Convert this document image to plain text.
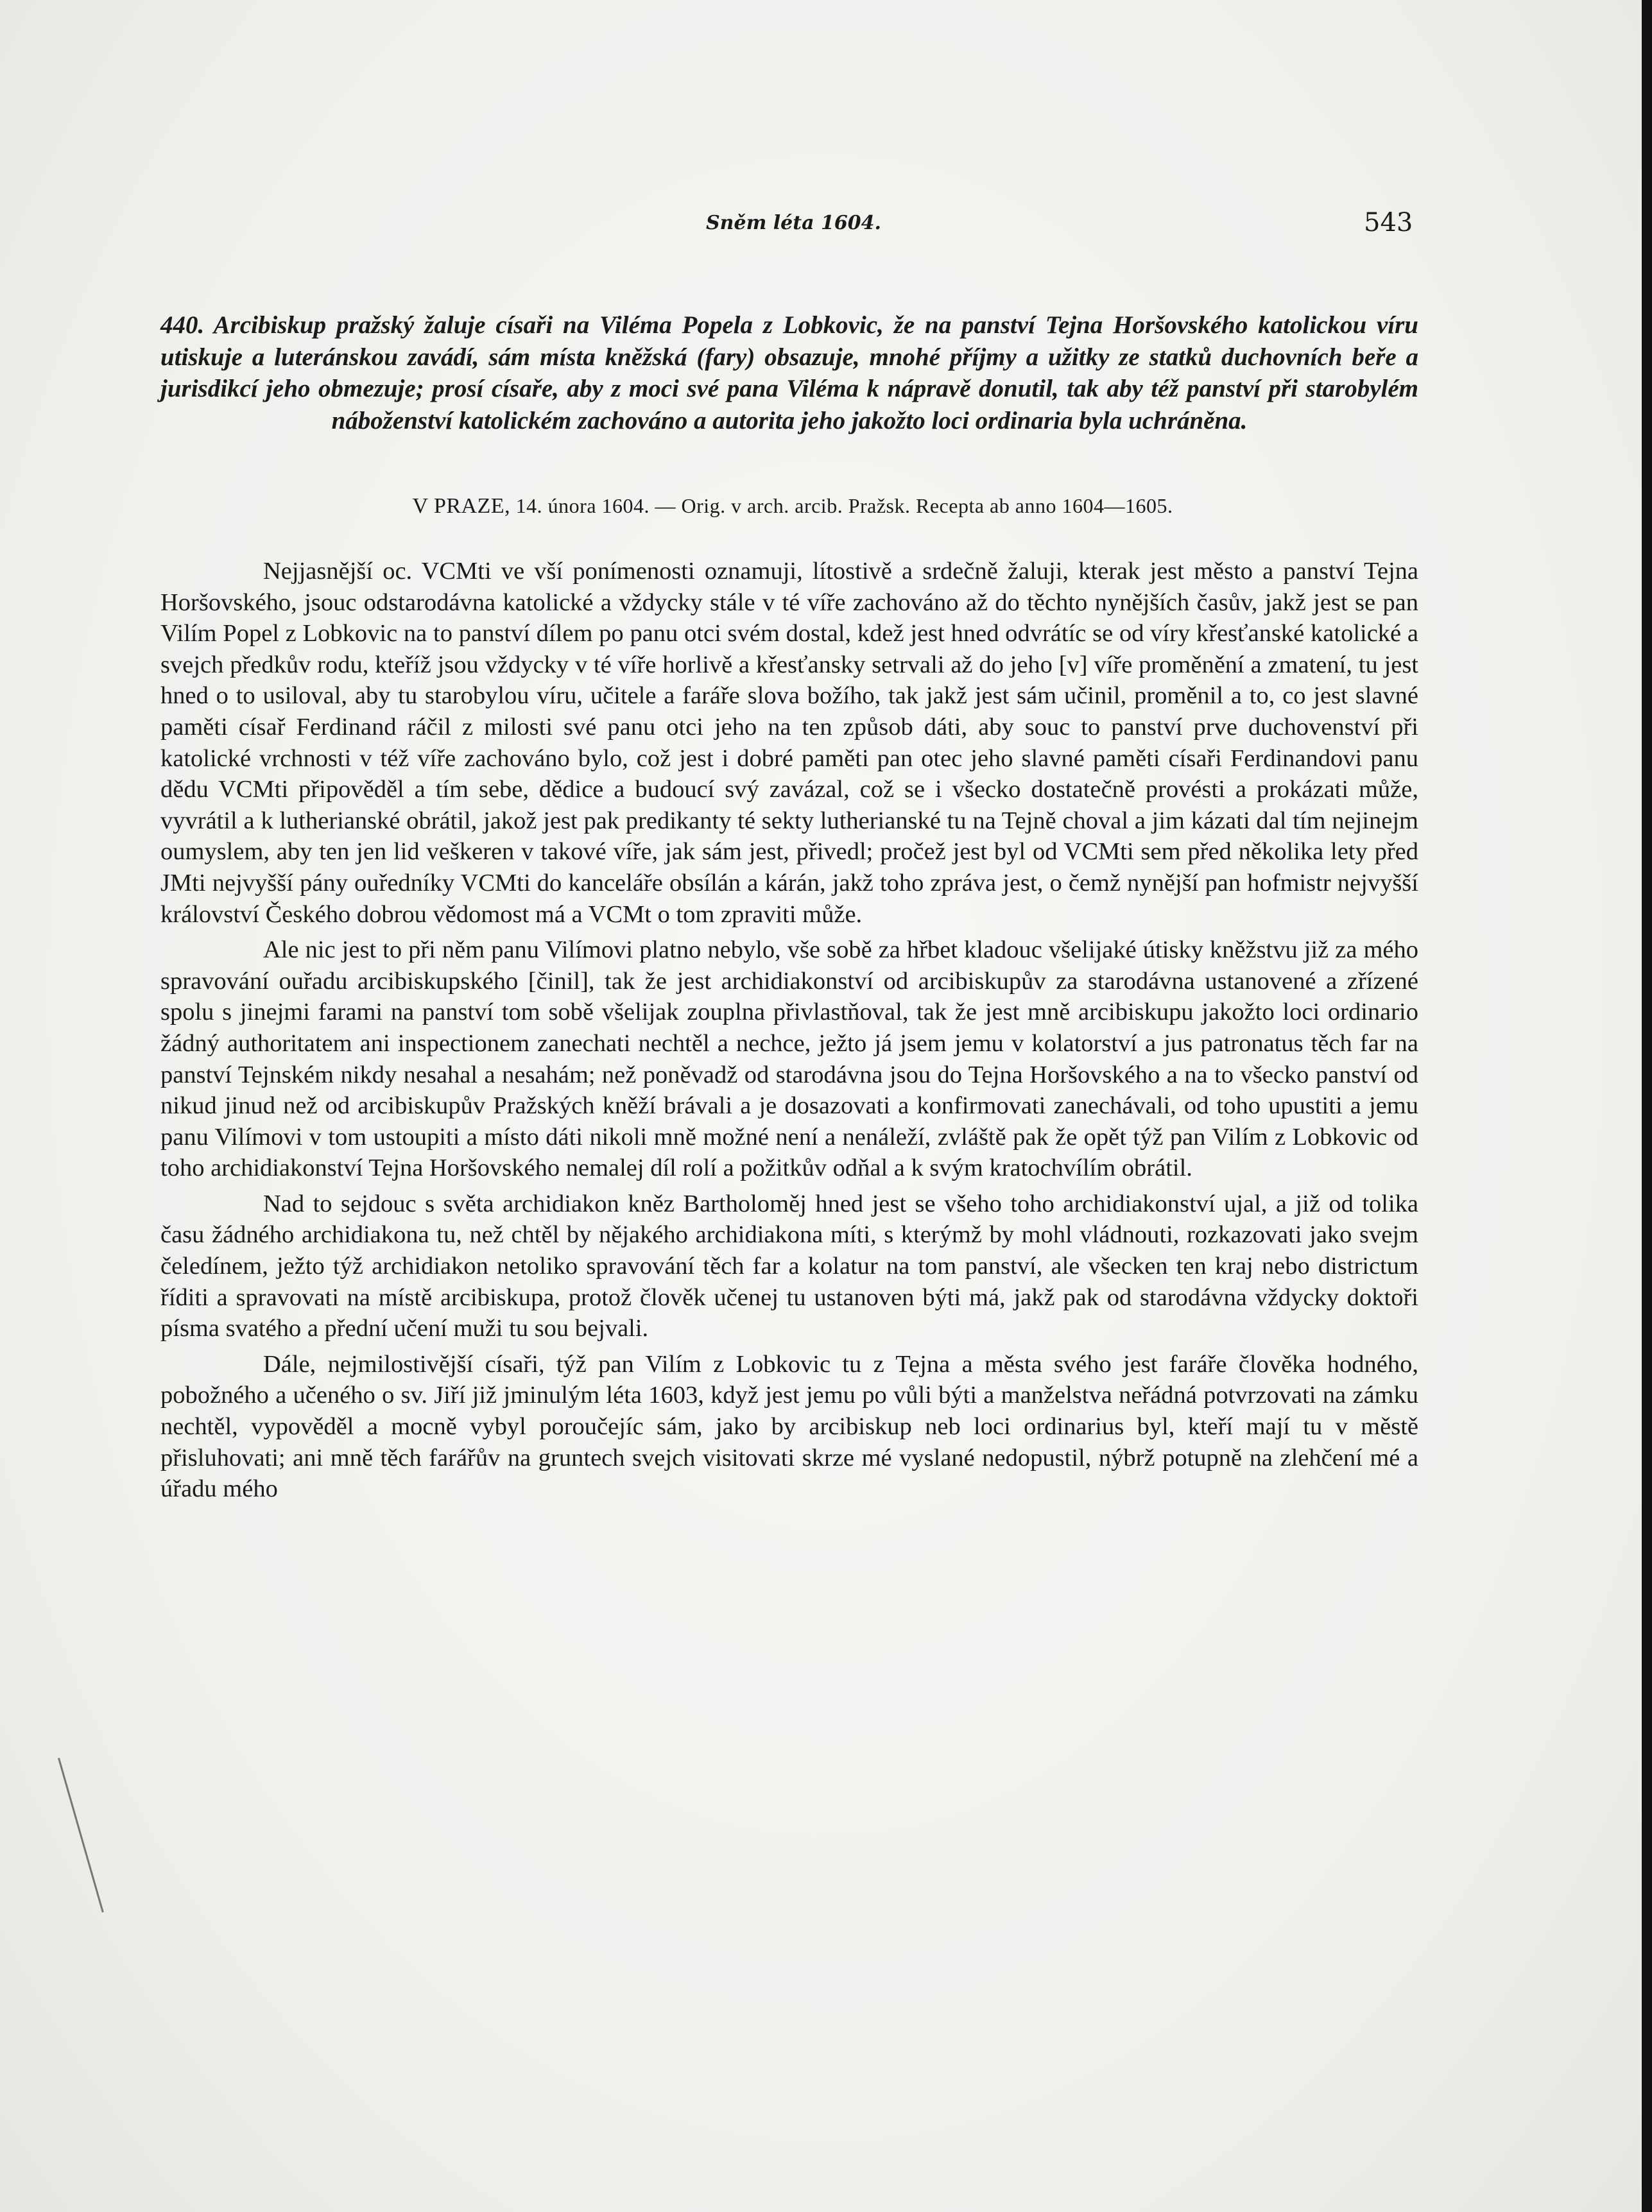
Sněm léta 1604.	543
440. Arcibiskup pražský žaluje císaři na Viléma Popela z Lobkovic, že na panství Tejna Horšovského katolickou víru utiskuje a luteránskou zavádí, sám místa kněžská (fary) obsazuje, mnohé příjmy a užitky ze statků duchovních beře a jurisdikcí jeho obmezuje; prosí císaře, aby z moci své pana Viléma k nápravě donutil, tak aby též panství při starobylém náboženství katolickém zachováno a autorita jeho jakožto loci ordinaria byla uchráněna.
V PRAZE, 14. února 1604. — Orig. v arch. arcib. Pražsk. Recepta ab anno 1604—1605.

Nejjasnější oc. VCMti ve vší ponímenosti oznamuji, lítostivě a srdečně žaluji, kterak jest město a panství Tejna Horšovského, jsouc odstarodávna katolické a vždycky stále v té víře zachováno až do těchto nynějších časův, jakž jest se pan Vilím Popel z Lobkovic na to panství dílem po panu otci svém dostal, kdež jest hned odvrátíc se od víry křesťanské katolické a svejch předkův rodu, kteříž jsou vždycky v té víře horlivě a křesťansky setrvali až do jeho [v] víře proměnění a zmatení, tu jest hned o to usiloval, aby tu starobylou víru, učitele a faráře slova božího, tak jakž jest sám učinil, proměnil a to, co jest slavné paměti císař Ferdinand ráčil z milosti své panu otci jeho na ten způsob dáti, aby souc to panství prve duchovenství při katolické vrchnosti v též víře zachováno bylo, což jest i dobré paměti pan otec jeho slavné paměti císaři Ferdinandovi panu dědu VCMti připověděl a tím sebe, dědice a budoucí svý zavázal, což se i všecko dostatečně provésti a prokázati může, vyvrátil a k lutherianské obrátil, jakož jest pak predikanty té sekty lutherianské tu na Tejně choval a jim kázati dal tím nejinejm oumyslem, aby ten jen lid veškeren v takové víře, jak sám jest, přivedl; pročež jest byl od VCMti sem před několika lety před JMti nejvyšší pány ouředníky VCMti do kanceláře obsílán a kárán, jakž toho zpráva jest, o čemž nynější pan hofmistr nejvyšší království Českého dobrou vědomost má a VCMt o tom zpraviti může.

Ale nic jest to při něm panu Vilímovi platno nebylo, vše sobě za hřbet kladouc všelijaké útisky kněžstvu již za mého spravování ouřadu arcibiskupského [činil], tak že jest archidiakonství od arcibiskupův za starodávna ustanovené a zřízené spolu s jinejmi farami na panství tom sobě všelijak zouplna přivlastňoval, tak že jest mně arcibiskupu jakožto loci ordinario žádný authoritatem ani inspectionem zanechati nechtěl a nechce, ježto já jsem jemu v kolatorství a jus patronatus těch far na panství Tejnském nikdy nesahal a nesahám; než poněvadž od starodávna jsou do Tejna Horšovského a na to všecko panství od nikud jinud než od arcibiskupův Pražských kněží brávali a je dosazovati a konfirmovati zanechávali, od toho upustiti a jemu panu Vilímovi v tom ustoupiti a místo dáti nikoli mně možné není a nenáleží, zvláště pak že opět týž pan Vilím z Lobkovic od toho archidiakonství Tejna Horšovského nemalej díl rolí a požitkův odňal a k svým kratochvílím obrátil.

Nad to sejdouc s světa archidiakon kněz Bartholoměj hned jest se všeho toho archidiakonství ujal, a již od tolika času žádného archidiakona tu, než chtěl by nějakého archidiakona míti, s kterýmž by mohl vládnouti, rozkazovati jako svejm čeledínem, ježto týž archidiakon netoliko spravování těch far a kolatur na tom panství, ale všecken ten kraj nebo districtum říditi a spravovati na místě arcibiskupa, protož člověk učenej tu ustanoven býti má, jakž pak od starodávna vždycky doktoři písma svatého a přední učení muži tu sou bejvali.

Dále, nejmilostivější císaři, týž pan Vilím z Lobkovic tu z Tejna a města svého jest faráře člověka hodného, pobožného a učeného o sv. Jiří již jminulým léta 1603, když jest jemu po vůli býti a manželstva neřádná potvrzovati na zámku nechtěl, vypověděl a mocně vybyl poroučejíc sám, jako by arcibiskup neb loci ordinarius byl, kteří mají tu v městě přisluhovati; ani mně těch farářův na gruntech svejch visitovati skrze mé vyslané nedopustil, nýbrž potupně na zlehčení mé a úřadu mého
